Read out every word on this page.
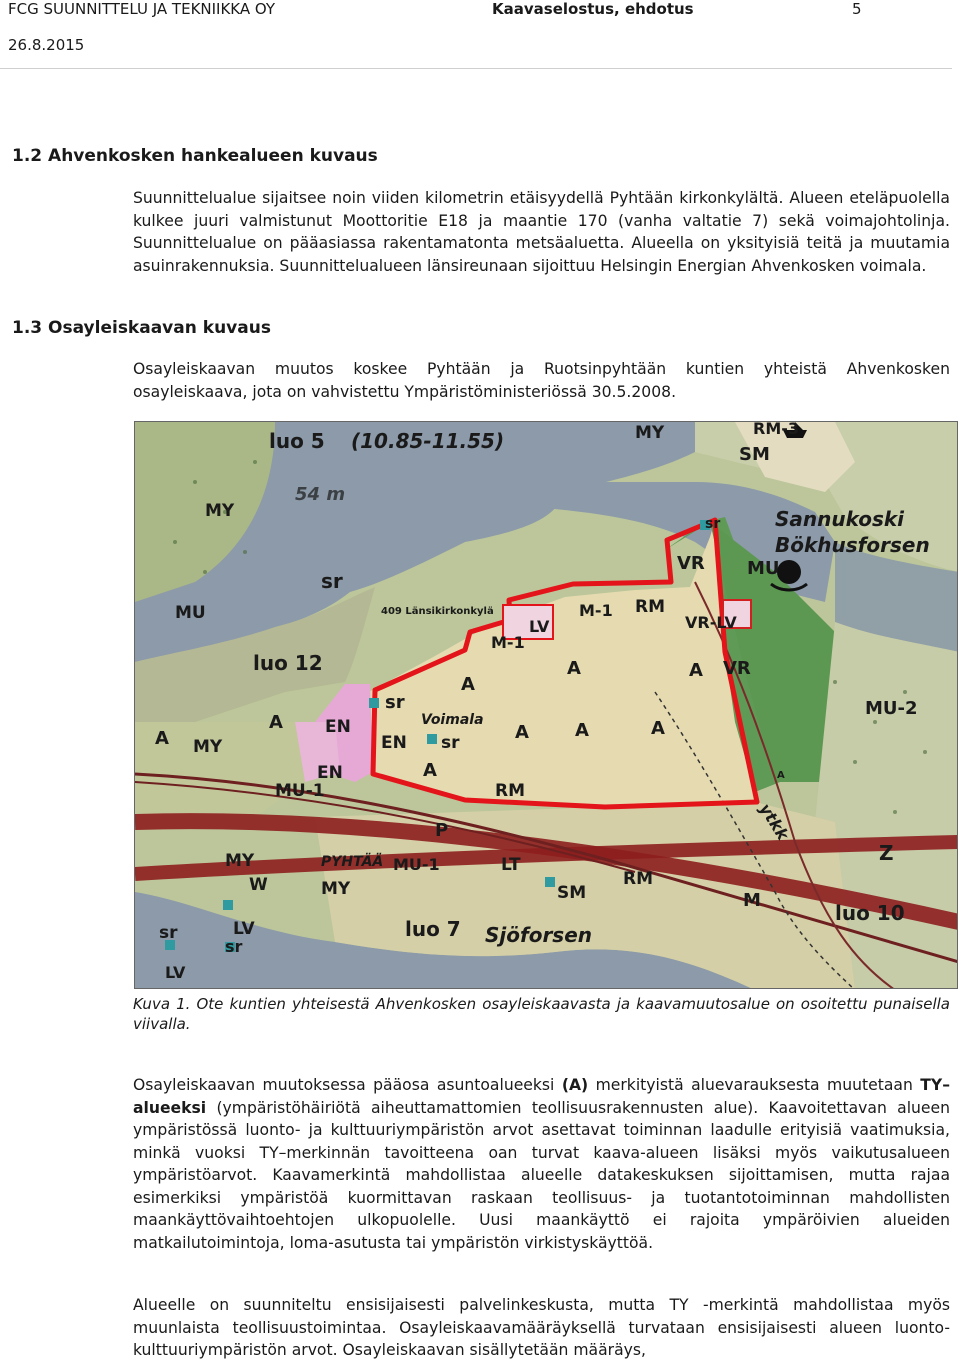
FCG SUUNNITTELU JA TEKNIIKKA OY	Kaavaselostus, ehdotus	5
26.8.2015
1.2 Ahvenkosken hankealueen kuvaus

Suunnittelualue sijaitsee noin viiden kilometrin etäisyydellä Pyhtään kirkonkylältä. Alueen eteläpuolella kulkee juuri valmistunut Moottoritie E18 ja maantie 170 (vanha valtatie 7) sekä voimajohtolinja. Suunnittelualue on pääasiassa rakentamatonta metsäaluetta. Alueella on yksityisiä teitä ja muutamia asuinrakennuksia. Suunnittelualueen länsireunaan sijoittuu Helsingin Energian Ahvenkosken voimala.

1.3 Osayleiskaavan kuvaus

Osayleiskaavan muutos koskee Pyhtään ja Ruotsinpyhtään kuntien yhteistä Ahvenkosken osayleiskaava, jota on vahvistettu Ympäristöministeriössä 30.5.2008.

luo 5 (10.85-11.55)
54 m
MY	RM-3
SM
MY
sr
409 Länsikirkonkylä
MU
luo 12
sr	Sannukoski
Bökhusforsen
VR MU
RM
M-1
LV	VR-LV
M-1
A	A VR
A
sr
Voimala
MU-2
EN	A	A
A
A
EN sr
MY
EN	A	A
MU-1	RM
ytkk
P
Z
MY	PYHTÄÄ MU-1	LT
RM
W	MY	SM	M
luo 10
sr	LV	luo 7 Sjöforsen
sr
LV
A

Kuva 1. Ote kuntien yhteisestä Ahvenkosken osayleiskaavasta ja kaavamuutosalue on osoitettu punaisella viivalla.

Osayleiskaavan muutoksessa pääosa asuntoalueeksi (A) merkityistä aluevarauksesta muutetaan TY–alueeksi (ympäristöhäiriötä aiheuttamattomien teollisuusrakennusten alue). Kaavoitettavan alueen ympäristössä luonto- ja kulttuuriympäristön arvot asettavat toiminnan laadulle erityisiä vaatimuksia, minkä vuoksi TY–merkinnän tavoitteena oan turvat kaava-alueen lisäksi myös vaikutusalueen ympäristöarvot. Kaavamerkintä mahdollistaa alueelle datakeskuksen sijoittamisen, mutta rajaa esimerkiksi ympäristöä kuormittavan raskaan teollisuus- ja tuotantotoiminnan mahdollisten maankäyttövaihtoehtojen ulkopuolelle. Uusi maankäyttö ei rajoita ympäröivien alueiden matkailutoimintoja, loma-asutusta tai ympäristön virkistyskäyttöä.

Alueelle on suunniteltu ensisijaisesti palvelinkeskusta, mutta TY -merkintä mahdollistaa myös muunlaista teollisuustoimintaa. Osayleiskaavamääräyksellä turvataan ensisijaisesti alueen luonto- kulttuuriympäristön arvot. Osayleiskaavan sisällytetään määräys,
